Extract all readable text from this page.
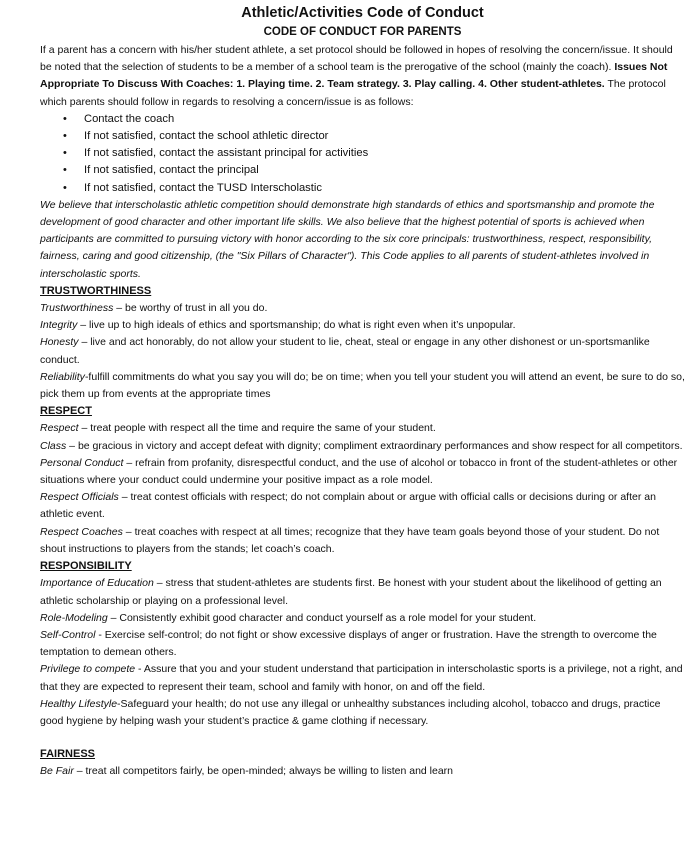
Athletic/Activities Code of Conduct
CODE OF CONDUCT FOR PARENTS

If a parent has a concern with his/her student athlete, a set protocol should be followed in hopes of resolving the concern/issue. It should be noted that the selection of students to be a member of a school team is the prerogative of the school (mainly the coach). Issues Not Appropriate To Discuss With Coaches: 1. Playing time. 2. Team strategy. 3. Play calling. 4. Other student-athletes. The protocol which parents should follow in regards to resolving a concern/issue is as follows:

• Contact the coach
• If not satisfied, contact the school athletic director
• If not satisfied, contact the assistant principal for activities
• If not satisfied, contact the principal
• If not satisfied, contact the TUSD Interscholastic

We believe that interscholastic athletic competition should demonstrate high standards of ethics and sportsmanship and promote the development of good character and other important life skills. We also believe that the highest potential of sports is achieved when participants are committed to pursuing victory with honor according to the six core principals: trustworthiness, respect, responsibility, fairness, caring and good citizenship, (the "Six Pillars of Character"). This Code applies to all parents of student-athletes involved in interscholastic sports.

TRUSTWORTHINESS

Trustworthiness – be worthy of trust in all you do.

Integrity – live up to high ideals of ethics and sportsmanship; do what is right even when it’s unpopular.

Honesty – live and act honorably, do not allow your student to lie, cheat, steal or engage in any other dishonest or un-sportsmanlike conduct.

Reliability-fulfill commitments do what you say you will do; be on time; when you tell your student you will attend an event, be sure to do so, pick them up from events at the appropriate times

RESPECT

Respect – treat people with respect all the time and require the same of your student.

Class – be gracious in victory and accept defeat with dignity; compliment extraordinary performances and show respect for all competitors.

Personal Conduct – refrain from profanity, disrespectful conduct, and the use of alcohol or tobacco in front of the student-athletes or other situations where your conduct could undermine your positive impact as a role model.

Respect Officials – treat contest officials with respect; do not complain about or argue with official calls or decisions during or after an athletic event.

Respect Coaches – treat coaches with respect at all times; recognize that they have team goals beyond those of your student. Do not shout instructions to players from the stands; let coach’s coach.

RESPONSIBILITY

Importance of Education – stress that student-athletes are students first. Be honest with your student about the likelihood of getting an athletic scholarship or playing on a professional level.

Role-Modeling – Consistently exhibit good character and conduct yourself as a role model for your student.

Self-Control - Exercise self-control; do not fight or show excessive displays of anger or frustration. Have the strength to overcome the temptation to demean others.

Privilege to compete - Assure that you and your student understand that participation in interscholastic sports is a privilege, not a right, and that they are expected to represent their team, school and family with honor, on and off the field.

Healthy Lifestyle-Safeguard your health; do not use any illegal or unhealthy substances including alcohol, tobacco and drugs, practice good hygiene by helping wash your student’s practice & game clothing if necessary.

FAIRNESS

Be Fair – treat all competitors fairly, be open-minded; always be willing to listen and learn
